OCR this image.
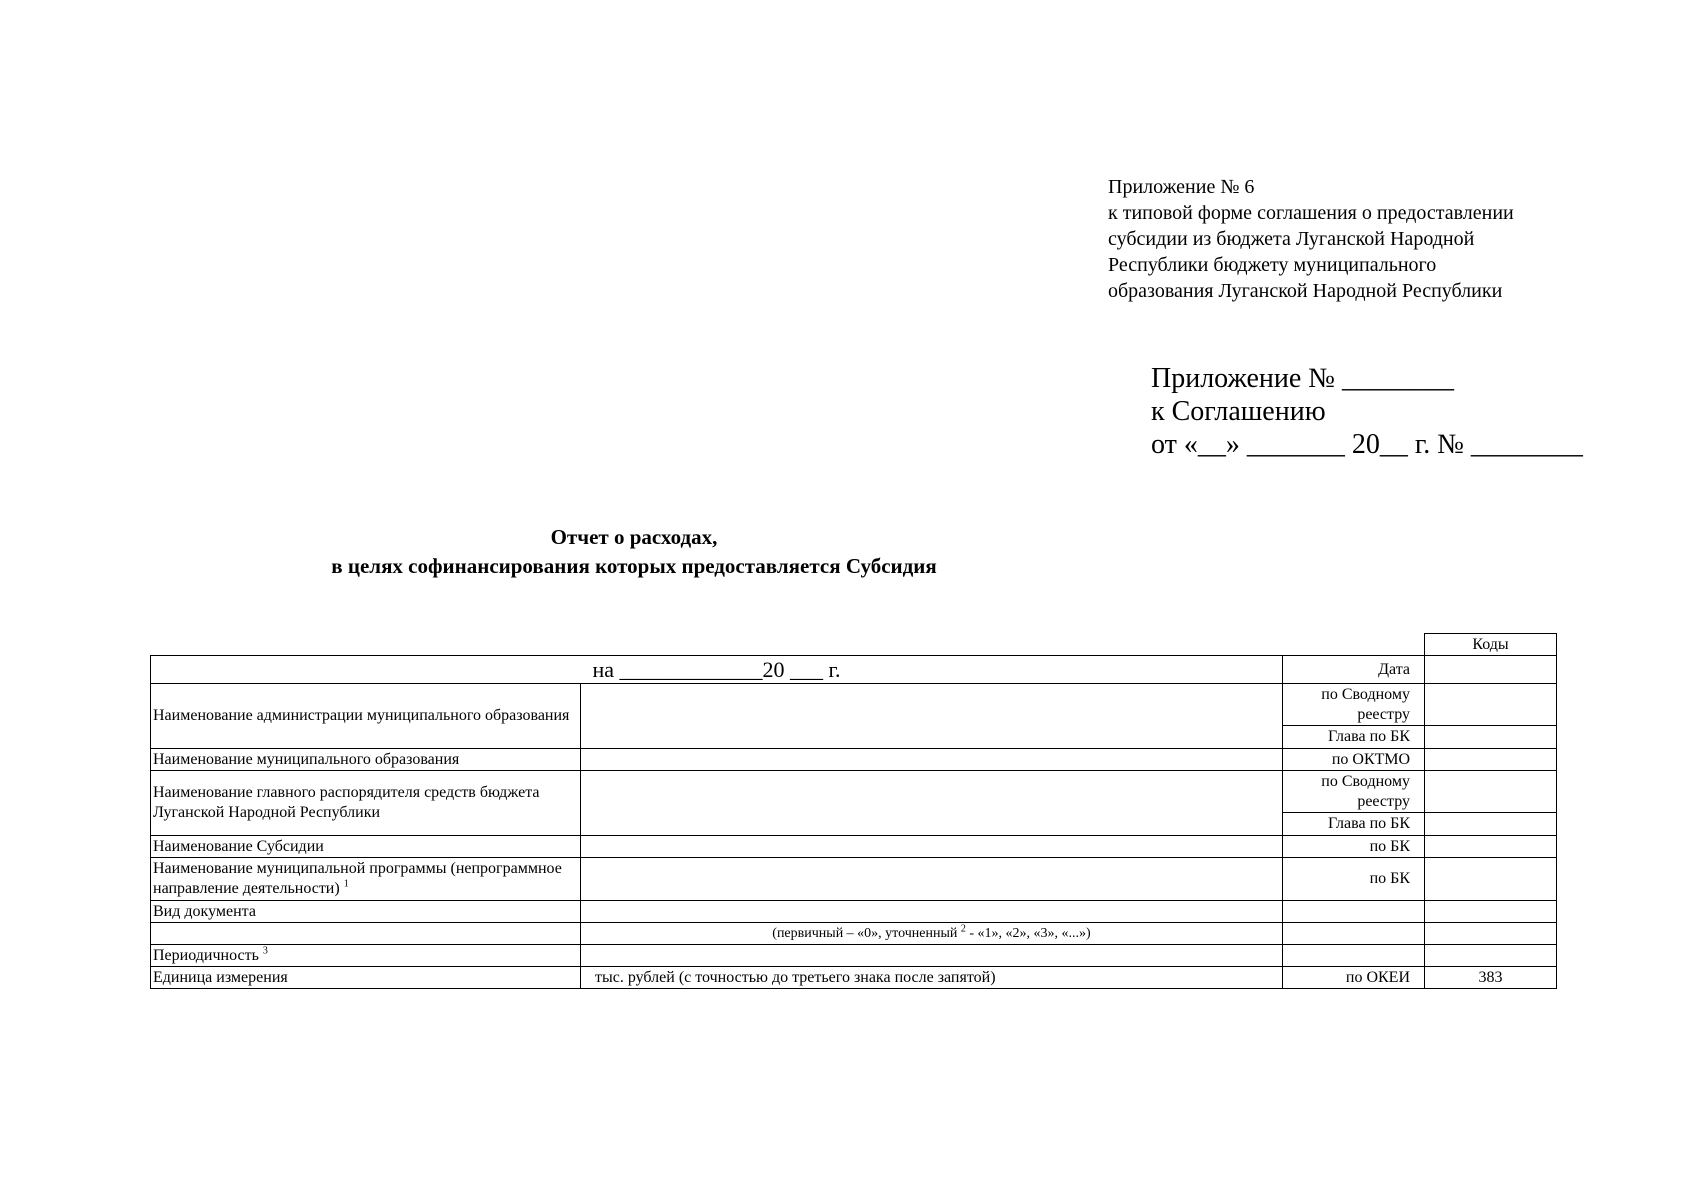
Приложение № 6
к типовой форме соглашения о предоставлении
субсидии из бюджета Луганской Народной
Республики бюджету муниципального
образования Луганской Народной Республики
Приложение № ________
к Соглашению
от «__» _______ 20__ г. № ________
Отчет о расходах,
в целях софинансирования которых предоставляется Субсидия
			Коды
на _____________20 ___ г.		Дата	
Наименование администрации муниципального образования		по Сводному реестру	
		Глава по БК	
Наименование муниципального образования		по ОКТМО	
Наименование главного распорядителя средств бюджета Луганской Народной Республики		по Сводному реестру	
		Глава по БК	
Наименование Субсидии		по БК	
Наименование муниципальной программы (непрограммное направление деятельности) $^1$		по БК	
Вид документа			
	(первичный – «0», уточненный $^2$ - «1», «2», «3», «...»)		
Периодичность $^3$			
Единица измерения	тыс. рублей (с точностью до третьего знака после запятой)	по ОКЕИ	383
